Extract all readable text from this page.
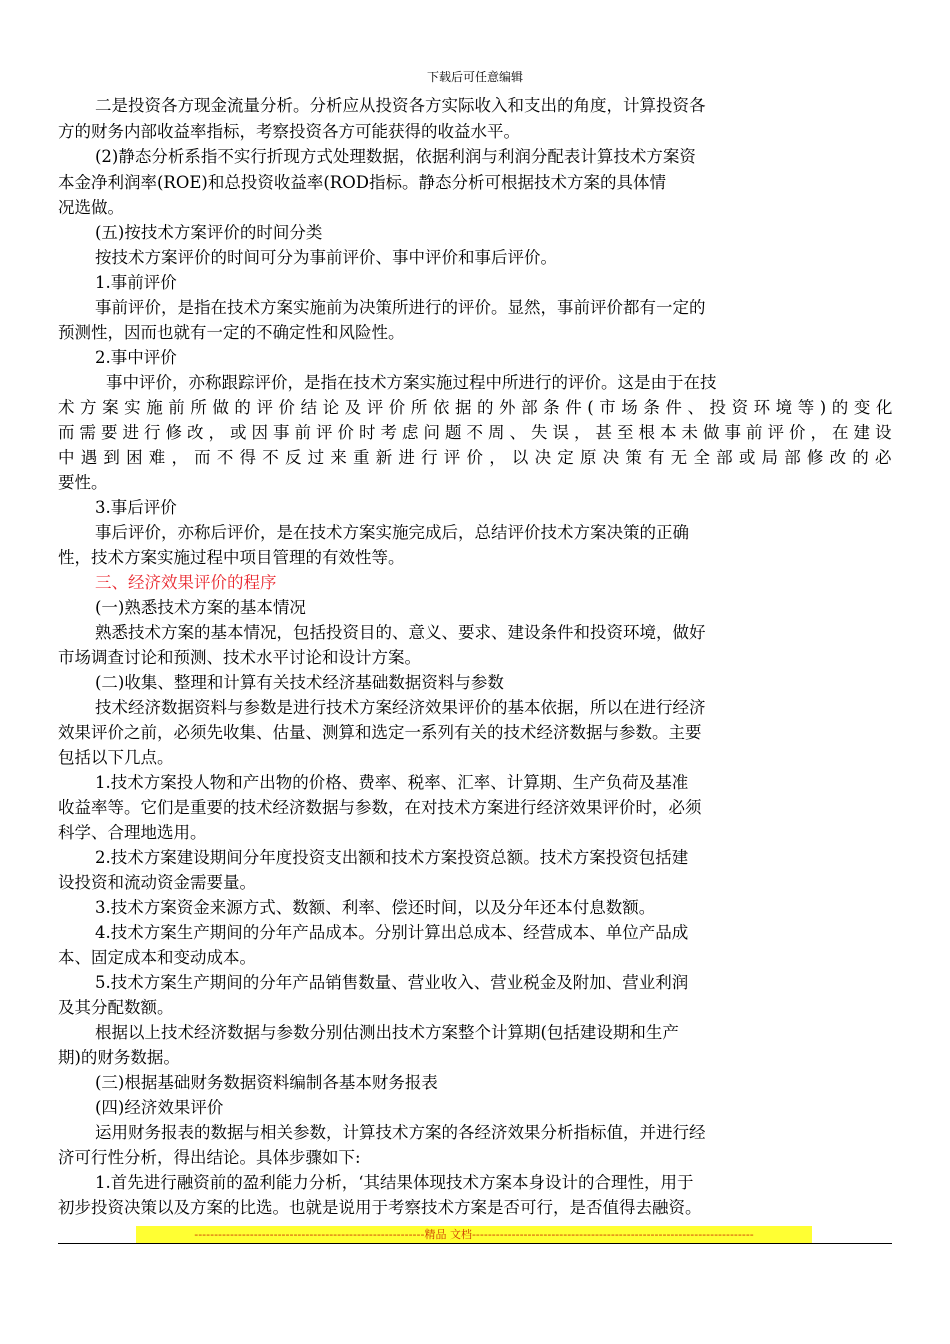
下载后可任意编辑
二是投资各方现金流量分析。分析应从投资各方实际收入和支出的角度，计算投资各
方的财务内部收益率指标，考察投资各方可能获得的收益水平。
(2)静态分析系指不实行折现方式处理数据，依据利润与利润分配表计算技术方案资
本金净利润率(ROE)和总投资收益率(ROD指标。静态分析可根据技术方案的具体情
况选做。
(五)按技术方案评价的时间分类
按技术方案评价的时间可分为事前评价、事中评价和事后评价。
1.事前评价
事前评价，是指在技术方案实施前为决策所进行的评价。显然，事前评价都有一定的
预测性，因而也就有一定的不确定性和风险性。
2.事中评价
事中评价，亦称跟踪评价，是指在技术方案实施过程中所进行的评价。这是由于在技
术方案实施前所做的评价结论及评价所依据的外部条件(市场条件、投资环境等)的变化
而需要进行修改，或因事前评价时考虑问题不周、失误，甚至根本未做事前评价，在建设
中遇到困难，而不得不反过来重新进行评价，以决定原决策有无全部或局部修改的必
要性。
3.事后评价
事后评价，亦称后评价，是在技术方案实施完成后，总结评价技术方案决策的正确
性，技术方案实施过程中项目管理的有效性等。
三、经济效果评价的程序
(一)熟悉技术方案的基本情况
熟悉技术方案的基本情况，包括投资目的、意义、要求、建设条件和投资环境，做好
市场调查讨论和预测、技术水平讨论和设计方案。
(二)收集、整理和计算有关技术经济基础数据资料与参数
技术经济数据资料与参数是进行技术方案经济效果评价的基本依据，所以在进行经济
效果评价之前，必须先收集、估量、测算和选定一系列有关的技术经济数据与参数。主要
包括以下几点。
1.技术方案投人物和产出物的价格、费率、税率、汇率、计算期、生产负荷及基准
收益率等。它们是重要的技术经济数据与参数，在对技术方案进行经济效果评价时，必须
科学、合理地选用。
2.技术方案建设期间分年度投资支出额和技术方案投资总额。技术方案投资包括建
设投资和流动资金需要量。
3.技术方案资金来源方式、数额、利率、偿还时间，以及分年还本付息数额。
4.技术方案生产期间的分年产品成本。分别计算出总成本、经营成本、单位产品成
本、固定成本和变动成本。
5.技术方案生产期间的分年产品销售数量、营业收入、营业税金及附加、营业利润
及其分配数额。
根据以上技术经济数据与参数分别估测出技术方案整个计算期(包括建设期和生产
期)的财务数据。
(三)根据基础财务数据资料编制各基本财务报表
(四)经济效果评价
运用财务报表的数据与相关参数，计算技术方案的各经济效果分析指标值，并进行经
济可行性分析，得出结论。具体步骤如下:
1.首先进行融资前的盈利能力分析，‘其结果体现技术方案本身设计的合理性，用于
初步投资决策以及方案的比选。也就是说用于考察技术方案是否可行，是否值得去融资。
----------------------------------------------------------精品 文档-----------------------------------------------------------------------
